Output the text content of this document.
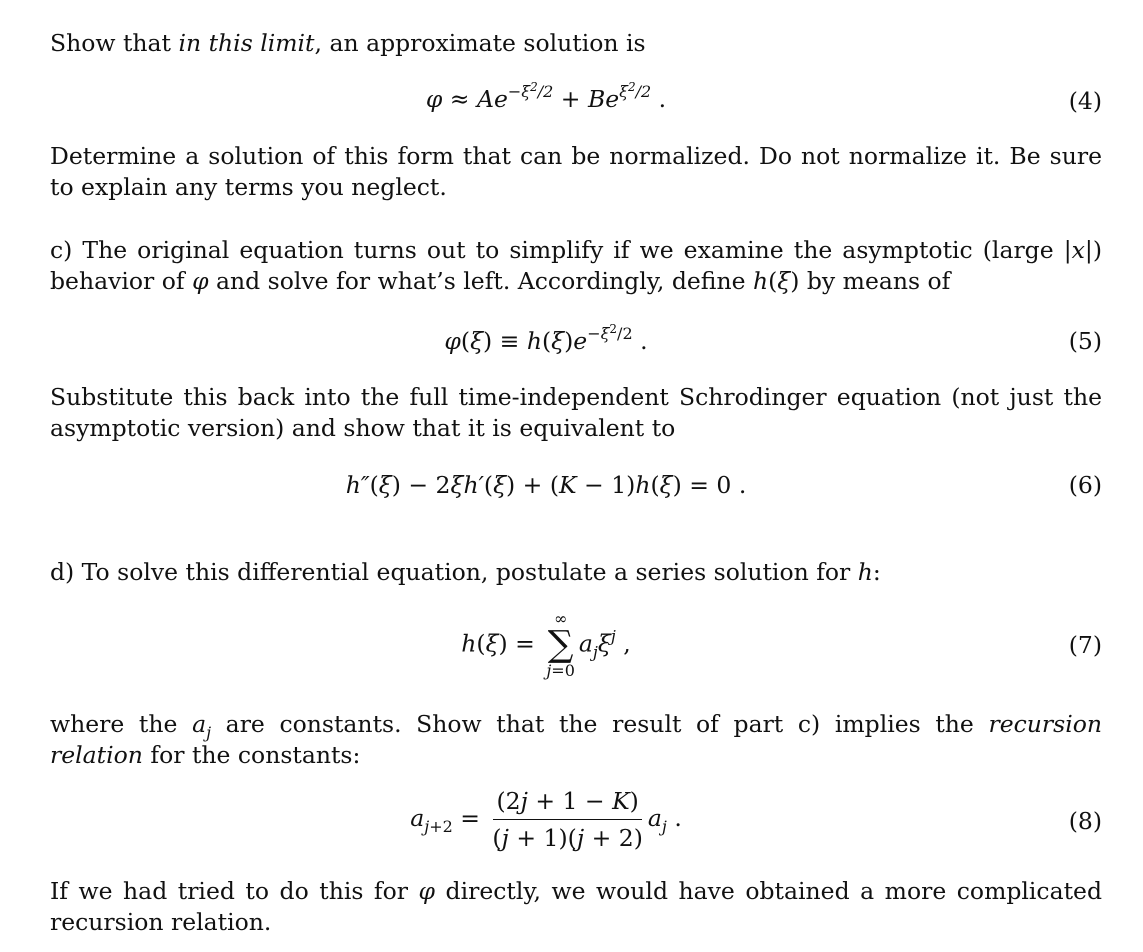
Show that in this limit, an approximate solution is

$\varphi \approx Ae^{-\xi^2/2} + Be^{\xi^2/2}$ .	(4)

Determine a solution of this form that can be normalized. Do not normalize it. Be sure to explain any terms you neglect.

c) The original equation turns out to simplify if we examine the asymptotic (large |x|) behavior of φ and solve for what’s left. Accordingly, define h(ξ) by means of

$\varphi(\xi) \equiv h(\xi)e^{-\xi^2/2}$ .	(5)

Substitute this back into the full time-independent Schrodinger equation (not just the asymptotic version) and show that it is equivalent to

h″(ξ) − 2ξh′(ξ) + (K − 1)h(ξ) = 0 .	(6)

d) To solve this differential equation, postulate a series solution for h:

h(ξ) =
∞
∑
j=0
$a_j\xi^j$ ,	(7)

where the $a_j$ are constants. Show that the result of part c) implies the recursion relation for the constants:

$a_{j+2} = \frac{(2j + 1 - K)}{(j + 1)(j + 2)} a_j$ .	(8)

If we had tried to do this for φ directly, we would have obtained a more complicated recursion relation.
